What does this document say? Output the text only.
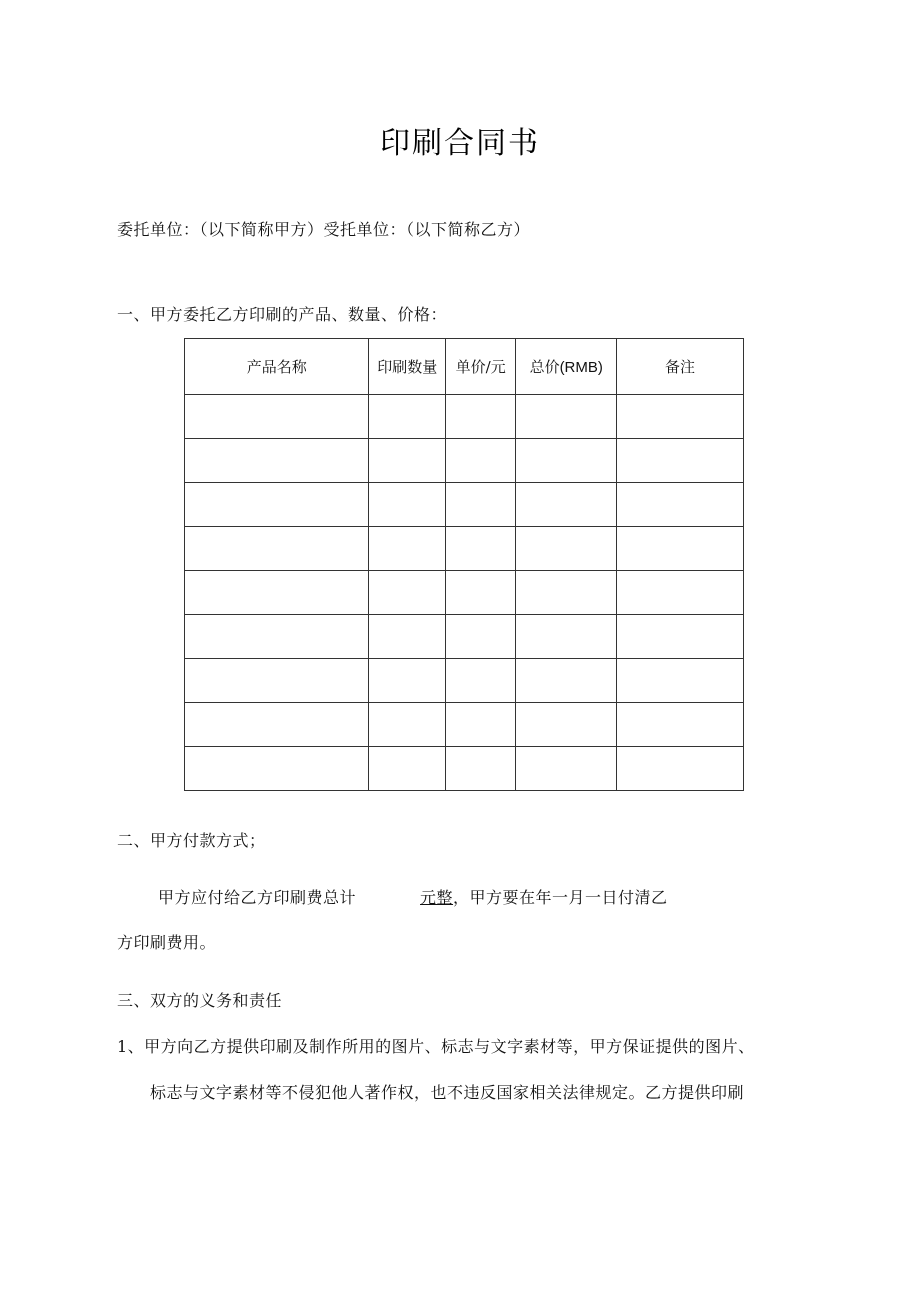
印刷合同书
委托单位：（以下简称甲方）受托单位：（以下简称乙方）
一、甲方委托乙方印刷的产品、数量、价格：
产品名称	印刷数量	单价/元	总价(RMB)	备注

二、甲方付款方式；
甲方应付给乙方印刷费总计	元整，甲方要在年一月一日付清乙
方印刷费用。
三、双方的义务和责任
1、甲方向乙方提供印刷及制作所用的图片、标志与文字素材等，甲方保证提供的图片、
标志与文字素材等不侵犯他人著作权，也不违反国家相关法律规定。乙方提供印刷
